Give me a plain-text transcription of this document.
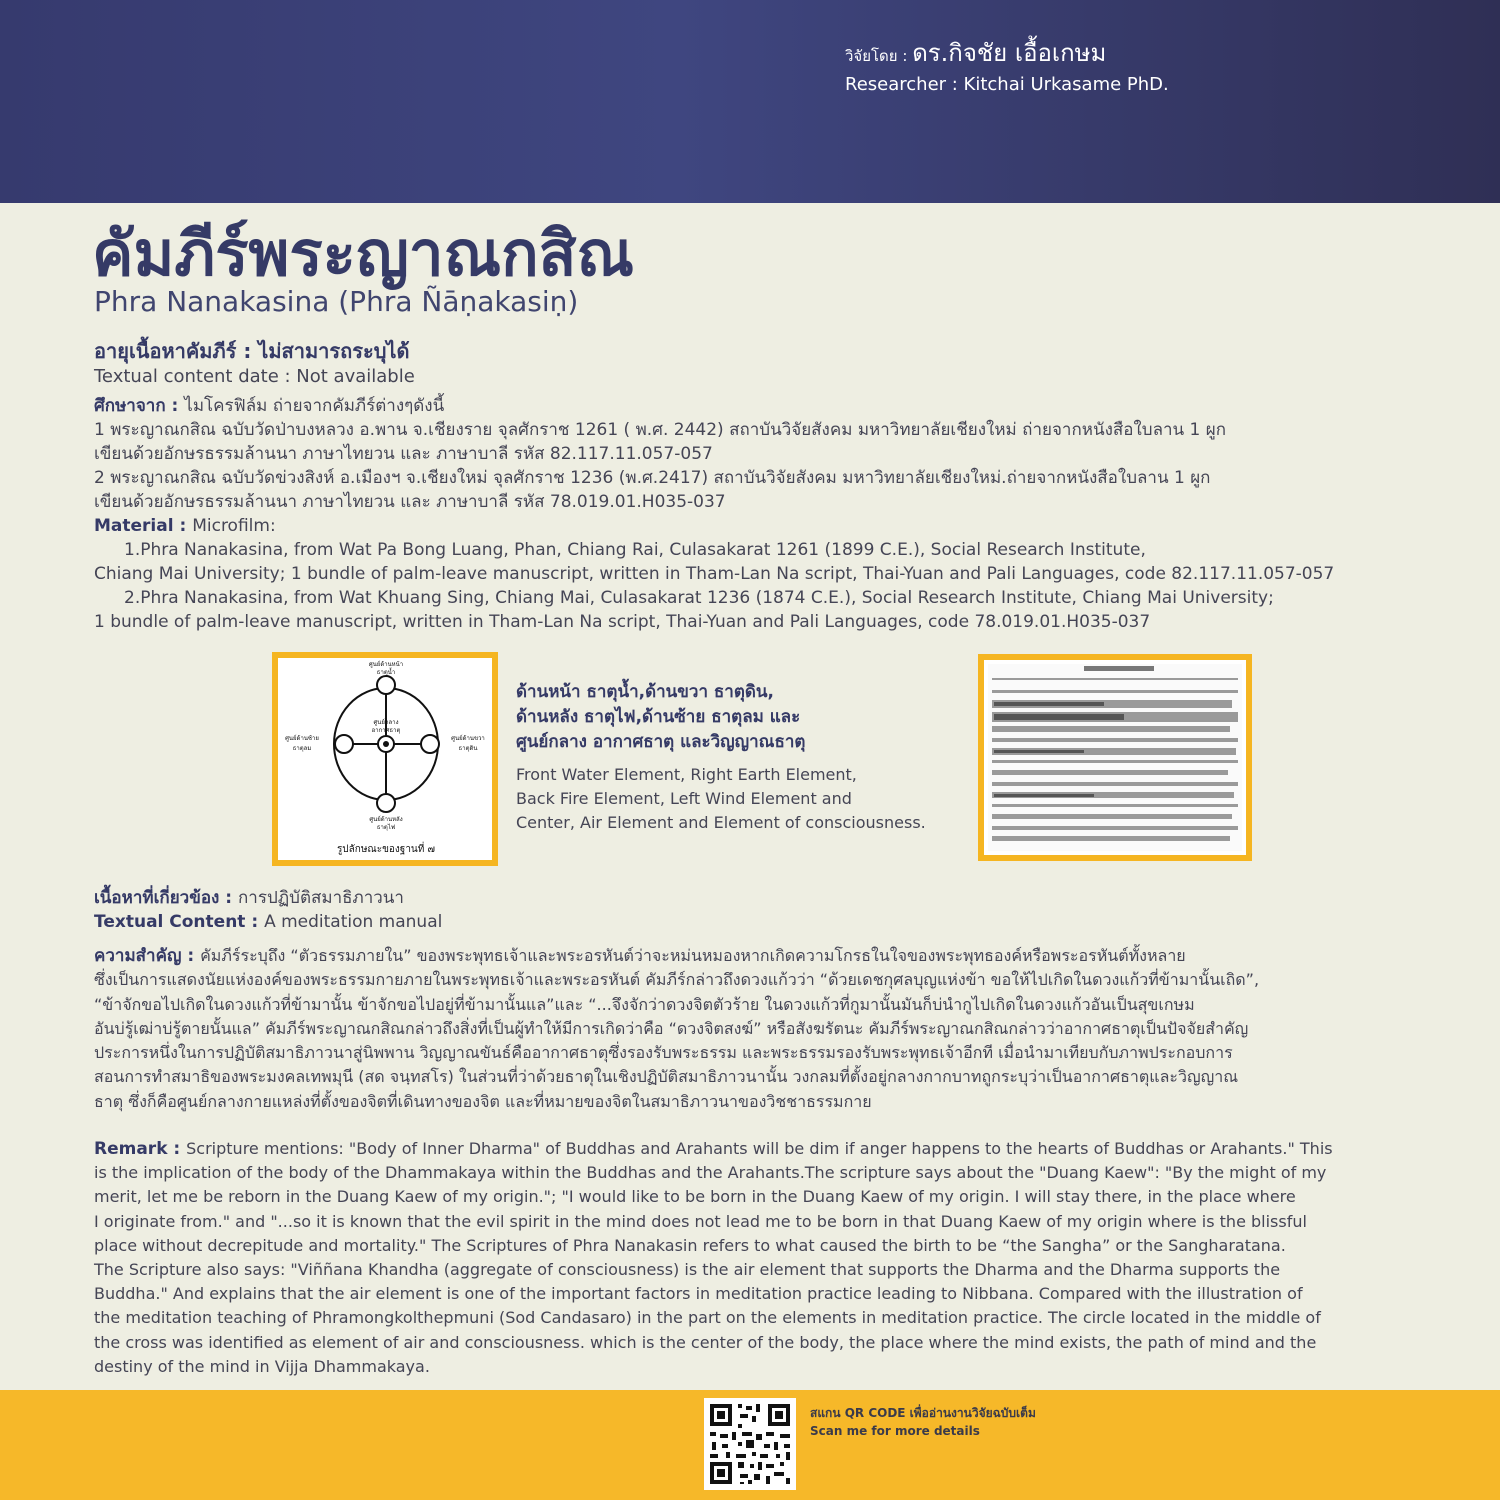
วิจัยโดย : ดร.กิจชัย เอื้อเกษม
Researcher : Kitchai Urkasame PhD.
คัมภีร์พระญาณกสิณ
Phra Nanakasina (Phra Ñāṇakasiṇ)
อายุเนื้อหาคัมภีร์ : ไม่สามารถระบุได้
Textual content date : Not available
ศึกษาจาก : ไมโครฟิล์ม ถ่ายจากคัมภีร์ต่างๆดังนี้
1 พระญาณกสิณ ฉบับวัดป่าบงหลวง อ.พาน จ.เชียงราย จุลศักราช 1261 ( พ.ศ. 2442) สถาบันวิจัยสังคม มหาวิทยาลัยเชียงใหม่ ถ่ายจากหนังสือใบลาน 1 ผูก
เขียนด้วยอักษรธรรมล้านนา ภาษาไทยวน และ ภาษาบาลี รหัส 82.117.11.057-057
2 พระญาณกสิณ ฉบับวัดข่วงสิงห์ อ.เมืองฯ จ.เชียงใหม่ จุลศักราช 1236 (พ.ศ.2417) สถาบันวิจัยสังคม มหาวิทยาลัยเชียงใหม่.ถ่ายจากหนังสือใบลาน 1 ผูก
เขียนด้วยอักษรธรรมล้านนา ภาษาไทยวน และ ภาษาบาลี รหัส 78.019.01.H035-037
Material : Microfilm:
1.Phra Nanakasina, from Wat Pa Bong Luang, Phan, Chiang Rai, Culasakarat 1261 (1899 C.E.), Social Research Institute,
Chiang Mai University; 1 bundle of palm-leave manuscript, written in Tham-Lan Na script, Thai-Yuan and Pali Languages, code 82.117.11.057-057
2.Phra Nanakasina, from Wat Khuang Sing, Chiang Mai, Culasakarat 1236 (1874 C.E.), Social Research Institute, Chiang Mai University;
1 bundle of palm-leave manuscript, written in Tham-Lan Na script, Thai-Yuan and Pali Languages, code 78.019.01.H035-037
ศูนย์ด้านหน้า
ธาตุน้ำ
ศูนย์ด้านซ้าย
ธาตุลม
ศูนย์ด้านขวา
ธาตุดิน
ศูนย์กลาง
อากาศธาตุ
ศูนย์ด้านหลัง
ธาตุไฟ
รูปลักษณะของฐานที่ ๗
ด้านหน้า ธาตุน้ำ,ด้านขวา ธาตุดิน,
ด้านหลัง ธาตุไฟ,ด้านซ้าย ธาตุลม และ
ศูนย์กลาง อากาศธาตุ และวิญญาณธาตุ
Front Water Element, Right Earth Element,
Back Fire Element, Left Wind Element and
Center, Air Element and Element of consciousness.
เนื้อหาที่เกี่ยวข้อง : การปฏิบัติสมาธิภาวนา
Textual Content : A meditation manual
ความสำคัญ : คัมภีร์ระบุถึง “ตัวธรรมภายใน” ของพระพุทธเจ้าและพระอรหันต์ว่าจะหม่นหมองหากเกิดความโกรธในใจของพระพุทธองค์หรือพระอรหันต์ทั้งหลาย
ซึ่งเป็นการแสดงนัยแห่งองค์ของพระธรรมกายภายในพระพุทธเจ้าและพระอรหันต์ คัมภีร์กล่าวถึงดวงแก้วว่า “ด้วยเดชกุศลบุญแห่งข้า ขอให้ไปเกิดในดวงแก้วที่ข้ามานั้นเถิด”,
“ข้าจักขอไปเกิดในดวงแก้วที่ข้ามานั้น ข้าจักขอไปอยู่ที่ข้ามานั้นแล”และ “...จึงจักว่าดวงจิตตัวร้าย ในดวงแก้วที่กูมานั้นมันก็บ่นำกูไปเกิดในดวงแก้วอันเป็นสุขเกษม
อันบ่รู้เฒ่าบ่รู้ตายนั้นแล” คัมภีร์พระญาณกสิณกล่าวถึงสิ่งที่เป็นผู้ทำให้มีการเกิดว่าคือ “ดวงจิตสงฆ์” หรือสังฆรัตนะ คัมภีร์พระญาณกสิณกล่าวว่าอากาศธาตุเป็นปัจจัยสำคัญ
ประการหนึ่งในการปฏิบัติสมาธิภาวนาสู่นิพพาน วิญญาณขันธ์คืออากาศธาตุซึ่งรองรับพระธรรม และพระธรรมรองรับพระพุทธเจ้าอีกที เมื่อนำมาเทียบกับภาพประกอบการ
สอนการทำสมาธิของพระมงคลเทพมุนี (สด จนฺทสโร) ในส่วนที่ว่าด้วยธาตุในเชิงปฏิบัติสมาธิภาวนานั้น วงกลมที่ตั้งอยู่กลางกากบาทถูกระบุว่าเป็นอากาศธาตุและวิญญาณ
ธาตุ ซึ่งก็คือศูนย์กลางกายแหล่งที่ตั้งของจิตที่เดินทางของจิต และที่หมายของจิตในสมาธิภาวนาของวิชชาธรรมกาย
Remark : Scripture mentions: "Body of Inner Dharma" of Buddhas and Arahants will be dim if anger happens to the hearts of Buddhas or Arahants." This
is the implication of the body of the Dhammakaya within the Buddhas and the Arahants.The scripture says about the "Duang Kaew": "By the might of my
merit, let me be reborn in the Duang Kaew of my origin."; "I would like to be born in the Duang Kaew of my origin. I will stay there, in the place where
I originate from." and "...so it is known that the evil spirit in the mind does not lead me to be born in that Duang Kaew of my origin where is the blissful
place without decrepitude and mortality." The Scriptures of Phra Nanakasin refers to what caused the birth to be “the Sangha” or the Sangharatana.
The Scripture also says: "Viññana Khandha (aggregate of consciousness) is the air element that supports the Dharma and the Dharma supports the
Buddha." And explains that the air element is one of the important factors in meditation practice leading to Nibbana. Compared with the illustration of
the meditation teaching of Phramongkolthepmuni (Sod Candasaro) in the part on the elements in meditation practice. The circle located in the middle of
the cross was identified as element of air and consciousness. which is the center of the body, the place where the mind exists, the path of mind and the
destiny of the mind in Vijja Dhammakaya.
สแกน QR CODE เพื่ออ่านงานวิจัยฉบับเต็ม
Scan me for more details
